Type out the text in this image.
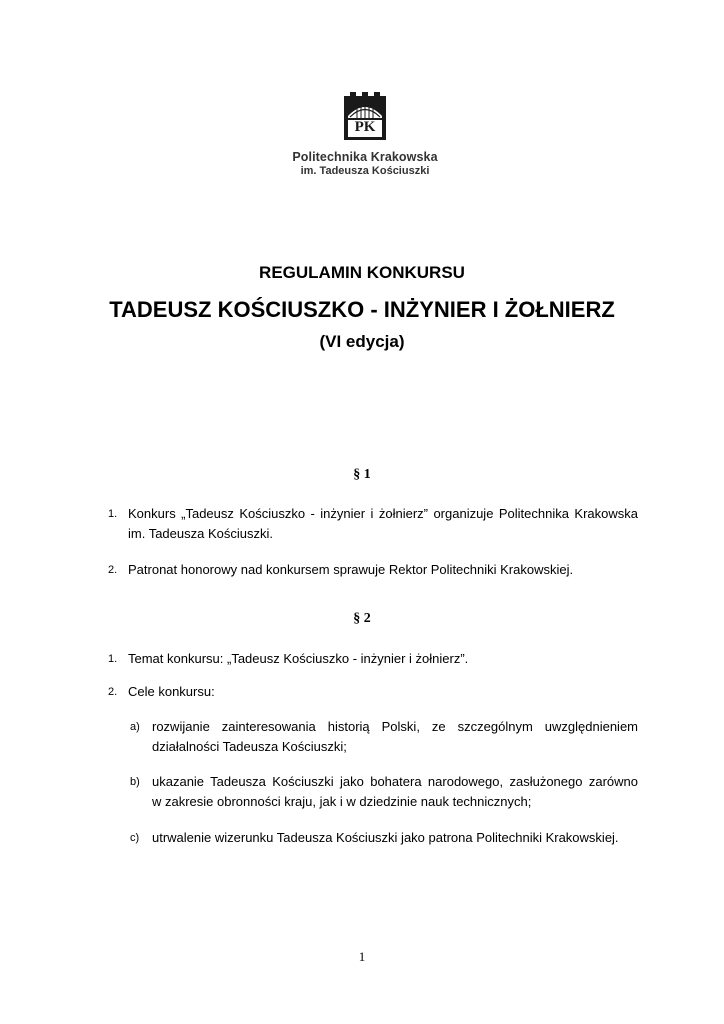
PK
Politechnika Krakowska
im. Tadeusza Kościuszki
REGULAMIN KONKURSU
TADEUSZ KOŚCIUSZKO - INŻYNIER I ŻOŁNIERZ
(VI edycja)
§ 1
1. Konkurs „Tadeusz Kościuszko - inżynier i żołnierz” organizuje Politechnika Krakowska
im. Tadeusza Kościuszki.
2. Patronat honorowy nad konkursem sprawuje Rektor Politechniki Krakowskiej.
§ 2
1. Temat konkursu: „Tadeusz Kościuszko - inżynier i żołnierz”.
2. Cele konkursu:
a) rozwijanie zainteresowania historią Polski, ze szczególnym uwzględnieniem
działalności Tadeusza Kościuszki;
b) ukazanie Tadeusza Kościuszki jako bohatera narodowego, zasłużonego zarówno
w zakresie obronności kraju, jak i w dziedzinie nauk technicznych;
c) utrwalenie wizerunku Tadeusza Kościuszki jako patrona Politechniki Krakowskiej.
1
